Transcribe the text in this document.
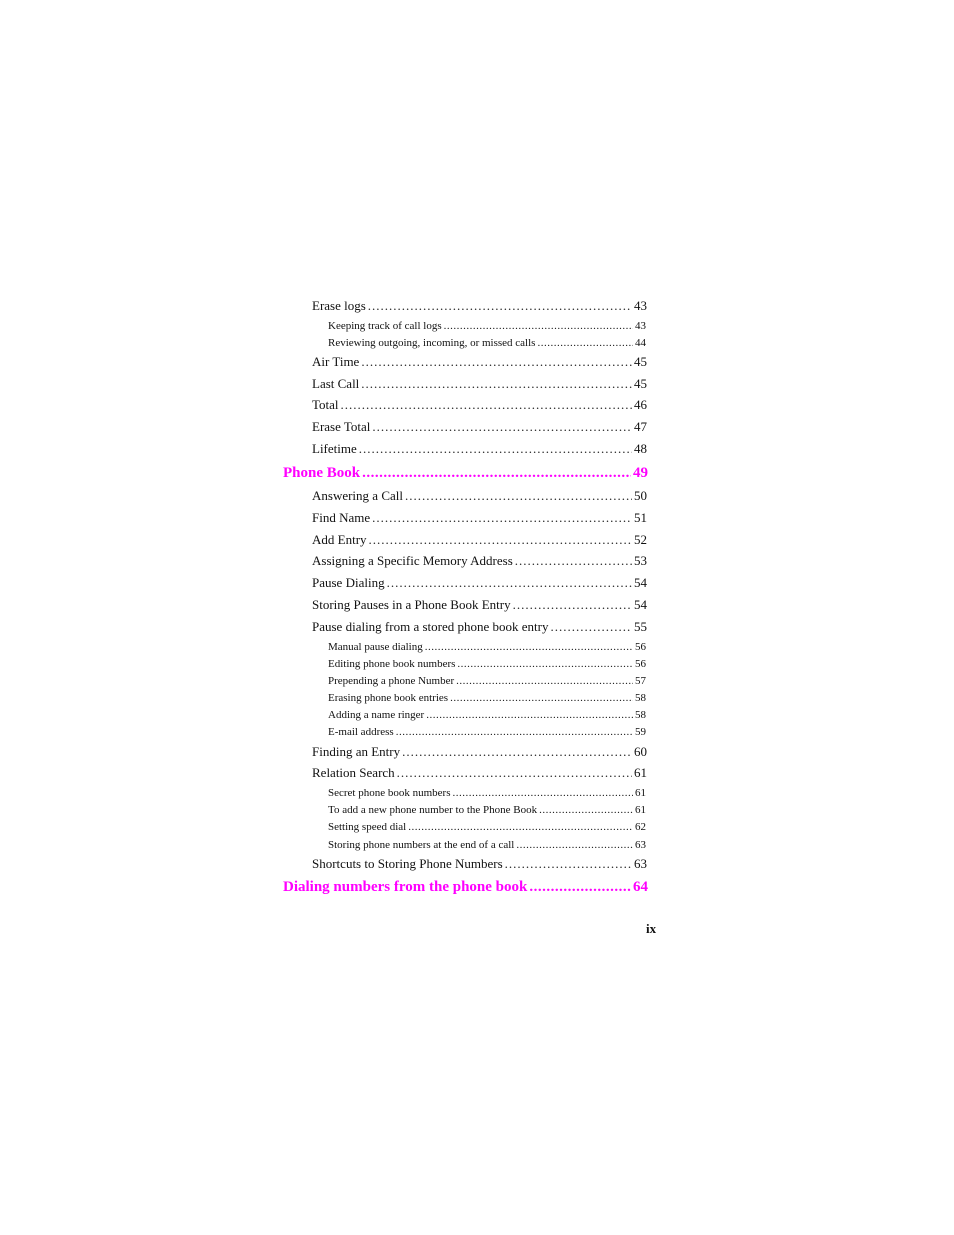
Erase logs .....	43
Keeping track of call logs .....	43
Reviewing outgoing, incoming, or missed calls .....	44
Air Time .....	45
Last Call .....	45
Total .....	46
Erase Total .....	47
Lifetime .....	48
Phone Book .....	49
Answering a Call .....	50
Find Name .....	51
Add Entry .....	52
Assigning a Specific Memory Address .....	53
Pause Dialing .....	54
Storing Pauses in a Phone Book Entry .....	54
Pause dialing from a stored phone book entry .....	55
Manual pause dialing .....	56
Editing phone book numbers .....	56
Prepending a phone Number .....	57
Erasing phone book entries .....	58
Adding a name ringer .....	58
E-mail address .....	59
Finding an Entry .....	60
Relation Search .....	61
Secret phone book numbers .....	61
To add a new phone number to the Phone Book .....	61
Setting speed dial .....	62
Storing phone numbers at the end of a call .....	63
Shortcuts to Storing Phone Numbers .....	63
Dialing numbers from the phone book .....	64
ix
